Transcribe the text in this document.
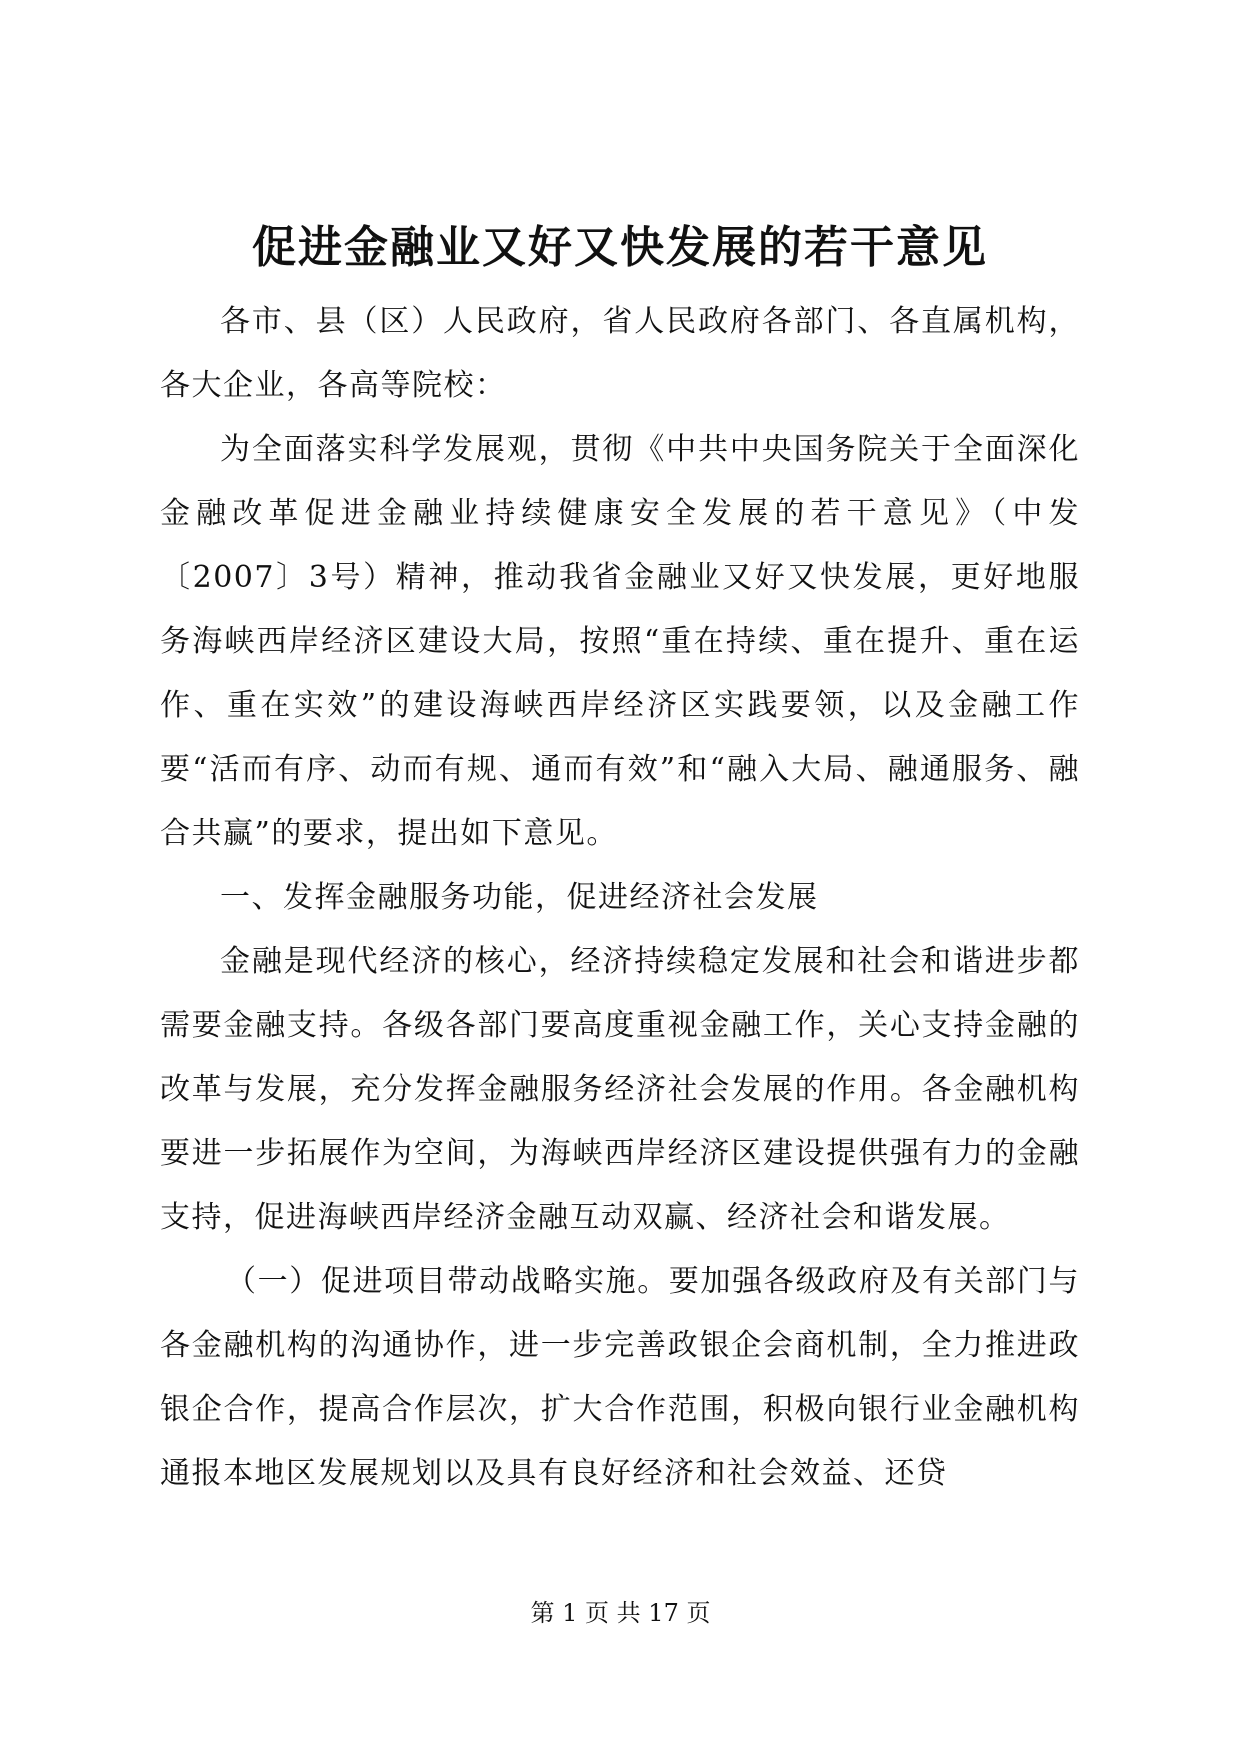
促进金融业又好又快发展的若干意见

各市、县（区）人民政府，省人民政府各部门、各直属机构，各大企业，各高等院校：

为全面落实科学发展观，贯彻《中共中央国务院关于全面深化金融改革促进金融业持续健康安全发展的若干意见》（中发〔2007〕3号）精神，推动我省金融业又好又快发展，更好地服务海峡西岸经济区建设大局，按照“重在持续、重在提升、重在运作、重在实效”的建设海峡西岸经济区实践要领，以及金融工作要“活而有序、动而有规、通而有效”和“融入大局、融通服务、融合共赢”的要求，提出如下意见。

一、发挥金融服务功能，促进经济社会发展

金融是现代经济的核心，经济持续稳定发展和社会和谐进步都需要金融支持。各级各部门要高度重视金融工作，关心支持金融的改革与发展，充分发挥金融服务经济社会发展的作用。各金融机构要进一步拓展作为空间，为海峡西岸经济区建设提供强有力的金融支持，促进海峡西岸经济金融互动双赢、经济社会和谐发展。

（一）促进项目带动战略实施。要加强各级政府及有关部门与各金融机构的沟通协作，进一步完善政银企会商机制，全力推进政银企合作，提高合作层次，扩大合作范围，积极向银行业金融机构通报本地区发展规划以及具有良好经济和社会效益、还贷

第 1 页 共 17 页
